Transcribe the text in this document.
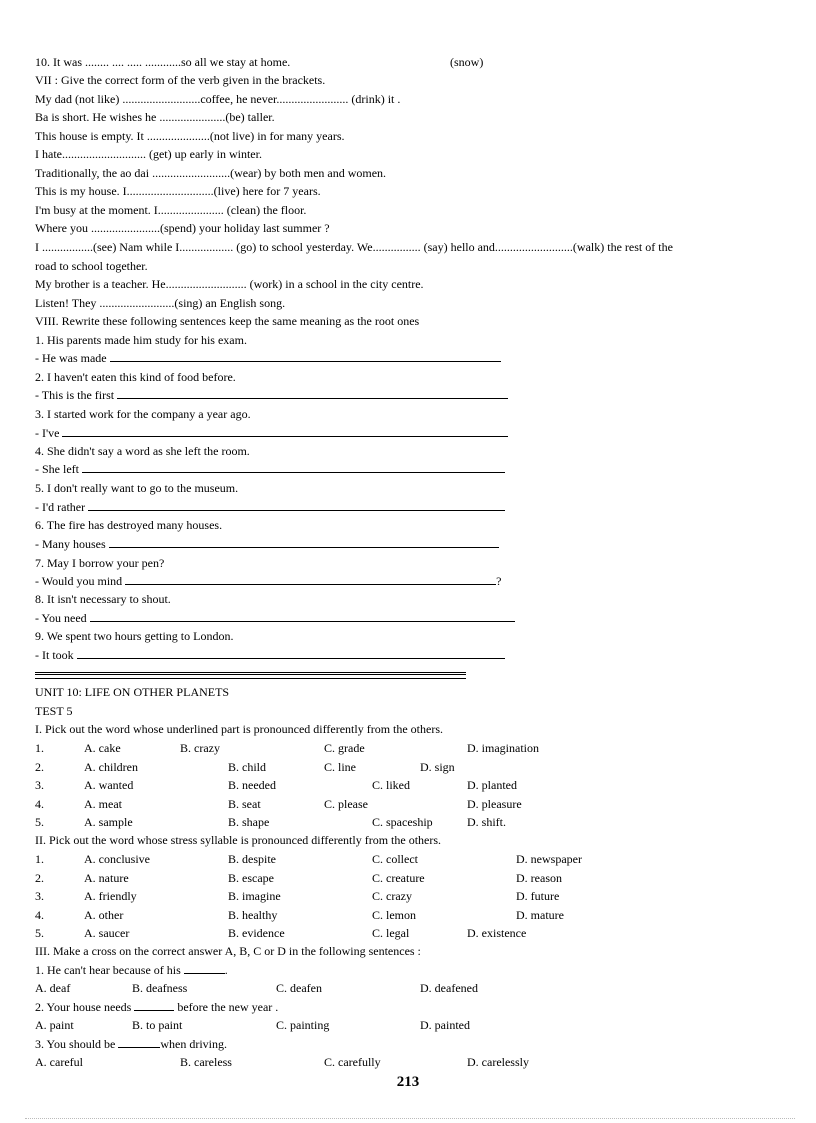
10. It was ........ .... ..... ............so all we stay at home.	(snow)
VII : Give the correct form of the verb given in the brackets.
My dad (not like) ..........................coffee, he never........................ (drink) it .
Ba is short. He wishes he ......................(be) taller.
This house is empty. It .....................(not live) in for many years.
I hate............................ (get) up early in winter.
Traditionally, the ao dai ..........................(wear) by both men and women.
This is my house. I.............................(live) here for 7 years.
I'm busy at the moment. I...................... (clean) the floor.
Where you .......................(spend) your holiday last summer ?
I .................(see) Nam while I.................. (go) to school yesterday. We................ (say) hello and..........................(walk) the rest of the
road to school together.
My brother is a teacher. He........................... (work) in a school in the city centre.
Listen! They .........................(sing) an English song.
VIII. Rewrite these following sentences keep the same meaning as the root ones
1. His parents made him study for his exam.
- He was made
2. I haven't eaten this kind of food before.
- This is the first
3. I started work for the company a year ago.
- I've
4. She didn't say a word as she left the room.
- She left
5. I don't really want to go to the museum.
- I'd rather
6. The fire has destroyed many houses.
- Many houses
7. May I borrow your pen?
- Would you mind	?
8. It isn't necessary to shout.
- You need
9. We spent two hours getting to London.
- It took
UNIT 10: LIFE ON OTHER PLANETS
TEST 5
I. Pick out the word whose underlined part is pronounced differently from the others.
1.	A. cake	B. crazy	C. grade	D. imagination
2.	A. children	B. child	C. line	D. sign
3.	A. wanted	B. needed	C. liked	D. planted
4.	A. meat	B. seat	C. please	D. pleasure
5.	A. sample	B. shape	C. spaceship	D. shift.
II. Pick out the word whose stress syllable is pronounced differently from the others.
1.	A. conclusive	B. despite	C. collect	D. newspaper
2.	A. nature	B. escape	C. creature	D. reason
3.	A. friendly	B. imagine	C. crazy	D. future
4.	A. other	B. healthy	C. lemon	D. mature
5.	A. saucer	B. evidence	C. legal	D. existence
III. Make a cross on the correct answer A, B, C or D in the following sentences :
1. He can't hear because of his	.
A. deaf	B. deafness	C. deafen	D. deafened
2. Your house needs	before the new year .
A. paint	B. to paint	C. painting	D. painted
3. You should be	when driving.
A. careful	B. careless	C. carefully	D. carelessly
213
